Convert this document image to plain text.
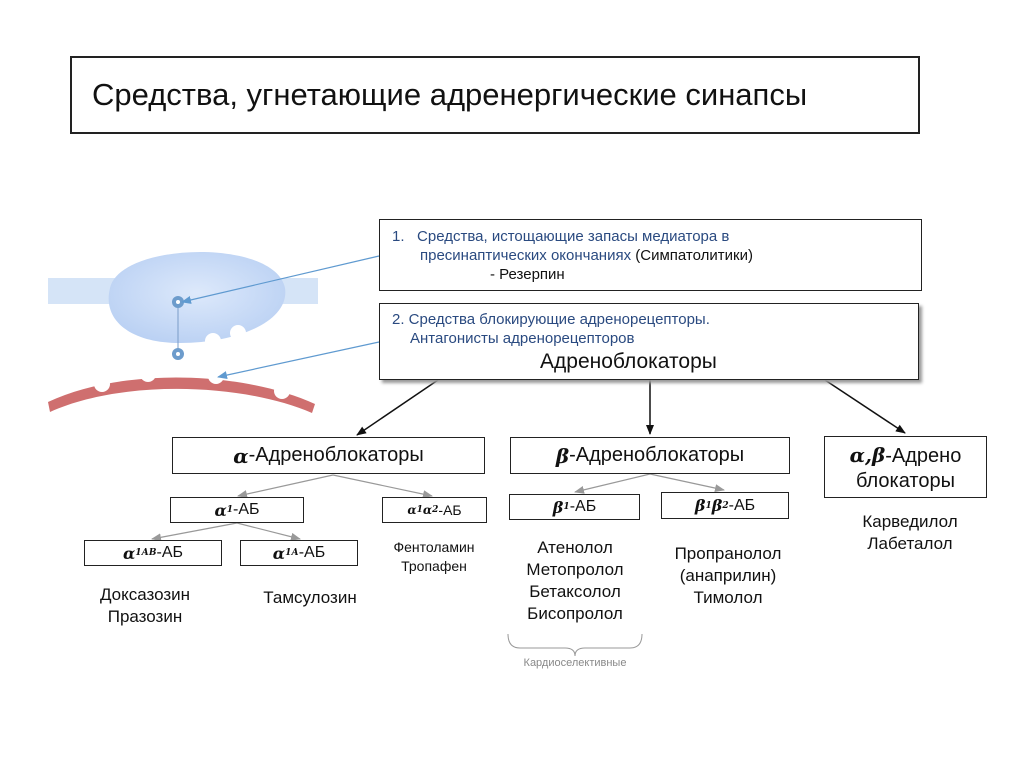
Средства, угнетающие адренергические синапсы
1. Средства, истощающие запасы медиатора в
пресинаптических окончаниях (Симпатолитики)
- Резерпин
2. Средства блокирующие адренорецепторы.
Антагонисты адренорецепторов
Адреноблокаторы
α -Адреноблокаторы
α 1 -АБ	α 1 α 2 -АБ
α 1АВ -АБ	α 1А -АБ
Доксазозин
Празозин
Тамсулозин
Фентоламин
Тропафен
β -Адреноблокаторы
β 1 -АБ	β 1 β 2 -АБ
Атенолол
Метопролол
Бетаксолол
Бисопролол
Пропранолол
(анаприлин)
Тимолол
Кардиоселективные
α,β-Адрено
блокаторы
Карведилол
Лабеталол
